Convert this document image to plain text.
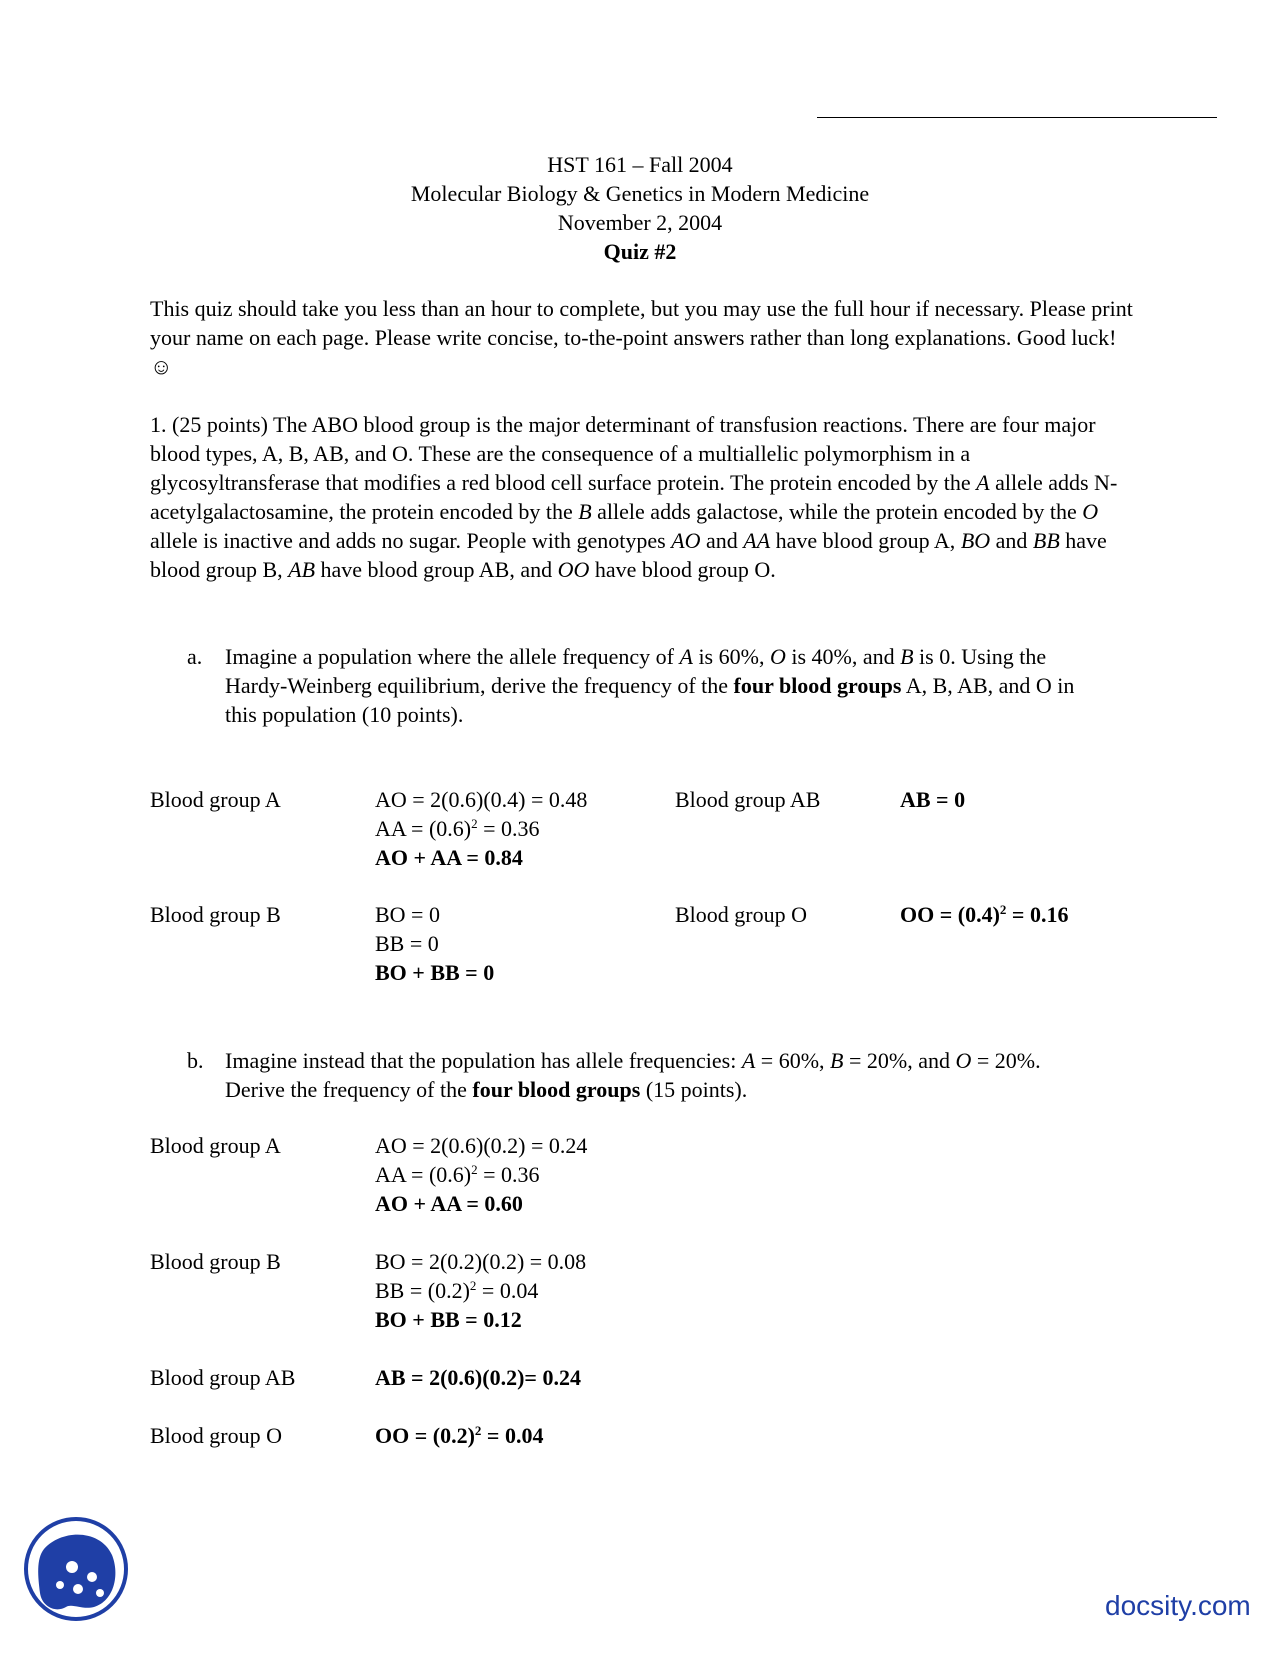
HST 161 – Fall 2004
Molecular Biology & Genetics in Modern Medicine
November 2, 2004
Quiz #2
This quiz should take you less than an hour to complete, but you may use the full hour if necessary. Please print your name on each page. Please write concise, to-the-point answers rather than long explanations. Good luck! ☺
1. (25 points) The ABO blood group is the major determinant of transfusion reactions. There are four major blood types, A, B, AB, and O. These are the consequence of a multiallelic polymorphism in a glycosyltransferase that modifies a red blood cell surface protein. The protein encoded by the A allele adds N-acetylgalactosamine, the protein encoded by the B allele adds galactose, while the protein encoded by the O allele is inactive and adds no sugar. People with genotypes AO and AA have blood group A, BO and BB have blood group B, AB have blood group AB, and OO have blood group O.
a. Imagine a population where the allele frequency of A is 60%, O is 40%, and B is 0. Using the Hardy-Weinberg equilibrium, derive the frequency of the four blood groups A, B, AB, and O in this population (10 points).
Blood group A	AO = 2(0.6)(0.4) = 0.48
AA = $(0.6)^2 = 0.36$
AO + AA = 0.84
Blood group AB	AB = 0
Blood group B	BO = 0
BB = 0
BO + BB = 0
Blood group O	OO = $(0.4)^2 = 0.16$
b. Imagine instead that the population has allele frequencies: A = 60%, B = 20%, and O = 20%. Derive the frequency of the four blood groups (15 points).
Blood group A	AO = 2(0.6)(0.2) = 0.24
AA = $(0.6)^2 = 0.36$
AO + AA = 0.60
Blood group B	BO = 2(0.2)(0.2) = 0.08
BB = $(0.2)^2 = 0.04$
BO + BB = 0.12
Blood group AB	AB = 2(0.6)(0.2)= 0.24
Blood group O	OO = $(0.2)^2 = 0.04$
docsity.com
